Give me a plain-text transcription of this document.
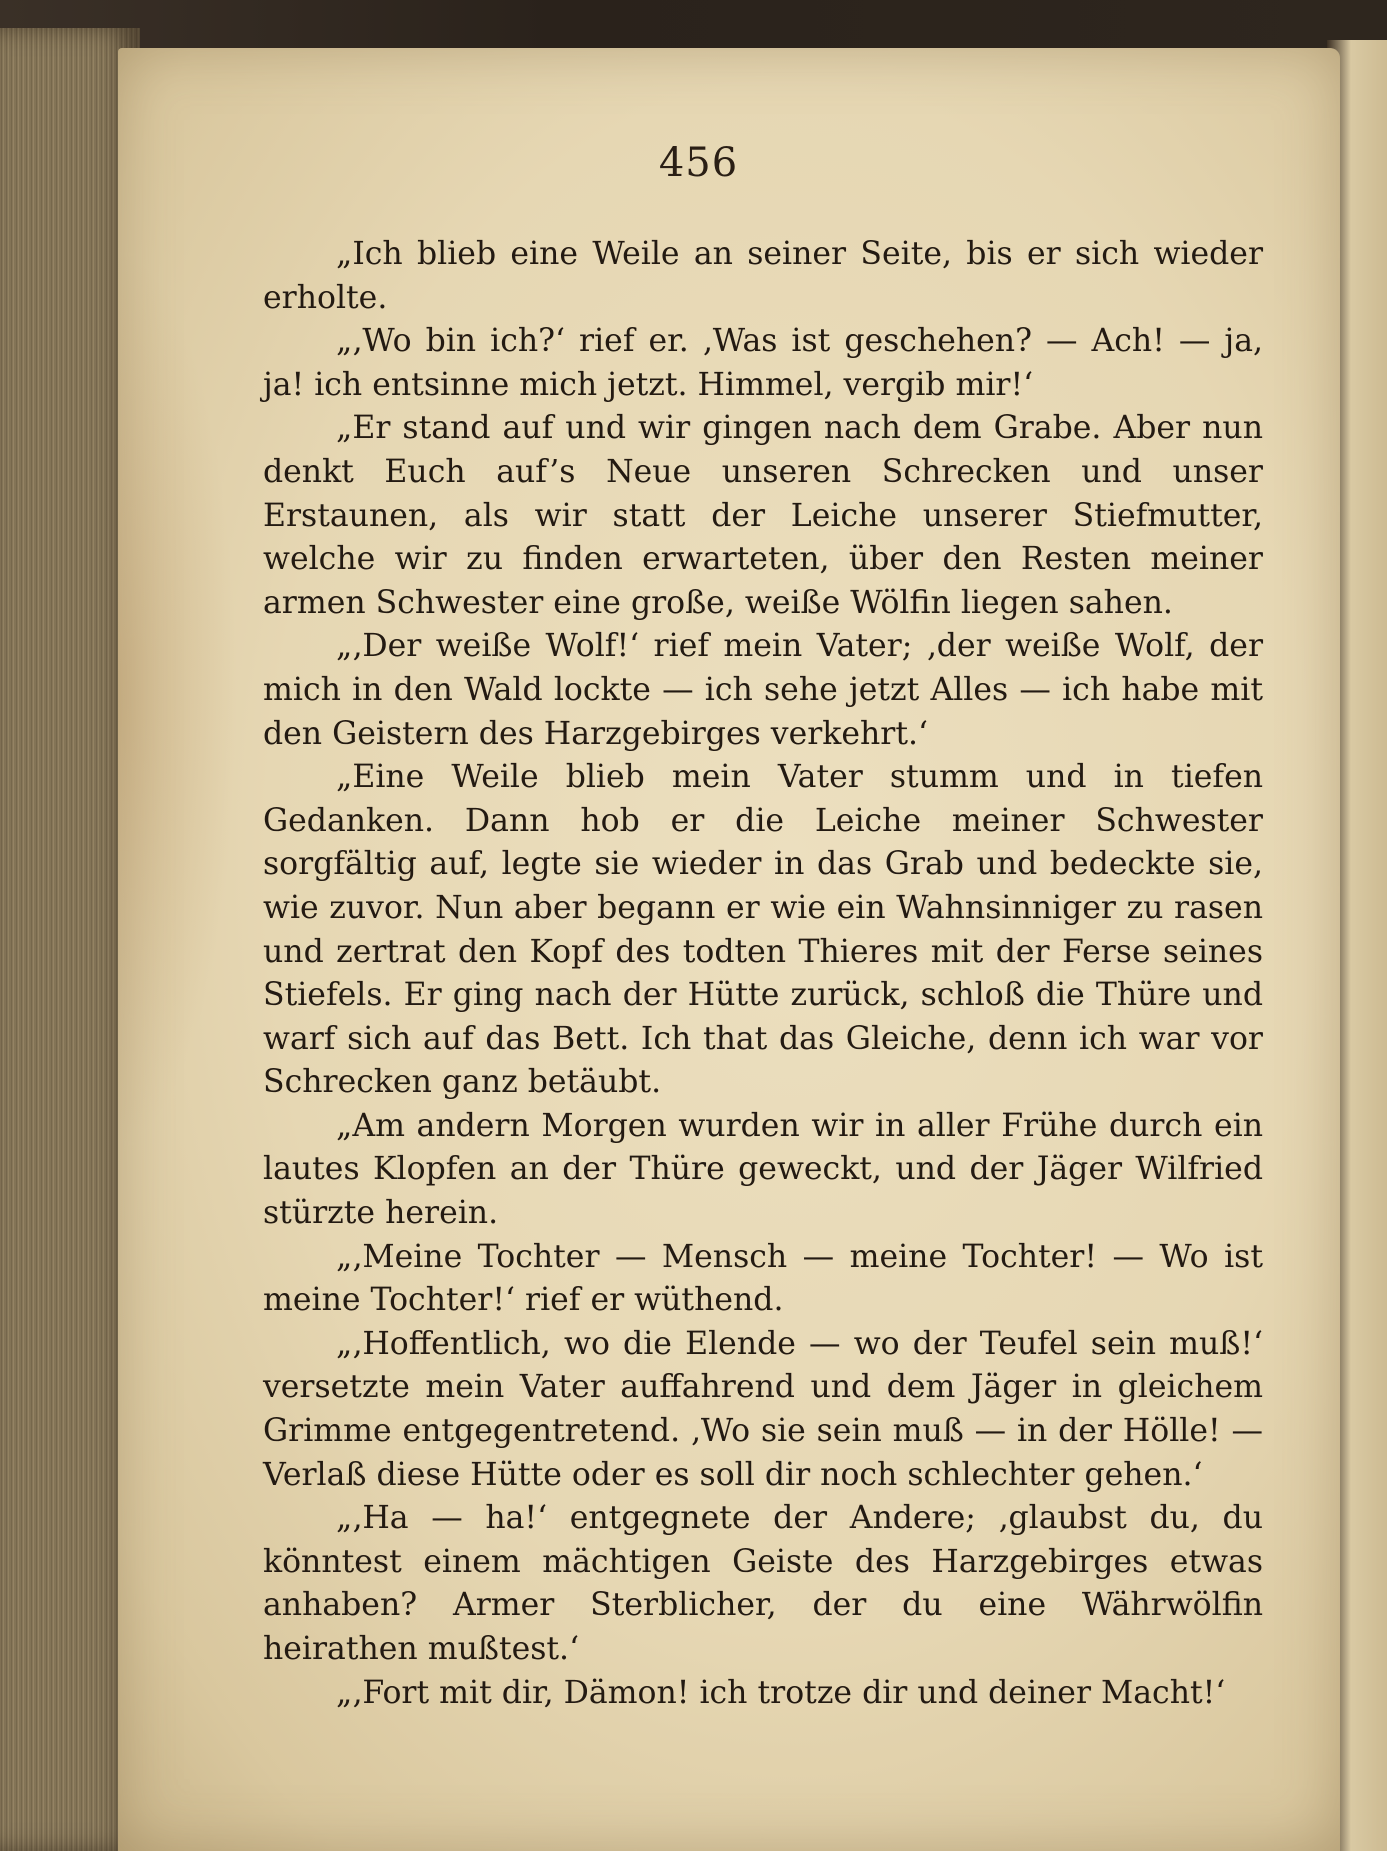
456

„Ich blieb eine Weile an seiner Seite, bis er sich wieder erholte.

„‚Wo bin ich?‘ rief er. ‚Was ist geschehen? — Ach! — ja, ja! ich entsinne mich jetzt. Himmel, vergib mir!‘

„Er stand auf und wir gingen nach dem Grabe. Aber nun denkt Euch auf’s Neue unseren Schrecken und unser Erstaunen, als wir statt der Leiche unserer Stiefmutter, welche wir zu finden erwarteten, über den Resten meiner armen Schwester eine große, weiße Wölfin liegen sahen.

„‚Der weiße Wolf!‘ rief mein Vater; ‚der weiße Wolf, der mich in den Wald lockte — ich sehe jetzt Alles — ich habe mit den Geistern des Harzgebirges verkehrt.‘

„Eine Weile blieb mein Vater stumm und in tiefen Gedanken. Dann hob er die Leiche meiner Schwester sorgfältig auf, legte sie wieder in das Grab und bedeckte sie, wie zuvor. Nun aber begann er wie ein Wahnsinniger zu rasen und zertrat den Kopf des todten Thieres mit der Ferse seines Stiefels. Er ging nach der Hütte zurück, schloß die Thüre und warf sich auf das Bett. Ich that das Gleiche, denn ich war vor Schrecken ganz betäubt.

„Am andern Morgen wurden wir in aller Frühe durch ein lautes Klopfen an der Thüre geweckt, und der Jäger Wilfried stürzte herein.

„‚Meine Tochter — Mensch — meine Tochter! — Wo ist meine Tochter!‘ rief er wüthend.

„‚Hoffentlich, wo die Elende — wo der Teufel sein muß!‘ versetzte mein Vater auffahrend und dem Jäger in gleichem Grimme entgegentretend. ‚Wo sie sein muß — in der Hölle! — Verlaß diese Hütte oder es soll dir noch schlechter gehen.‘

„‚Ha — ha!‘ entgegnete der Andere; ‚glaubst du, du könntest einem mächtigen Geiste des Harzgebirges etwas anhaben? Armer Sterblicher, der du eine Währwölfin heirathen mußtest.‘

„‚Fort mit dir, Dämon! ich trotze dir und deiner Macht!‘
